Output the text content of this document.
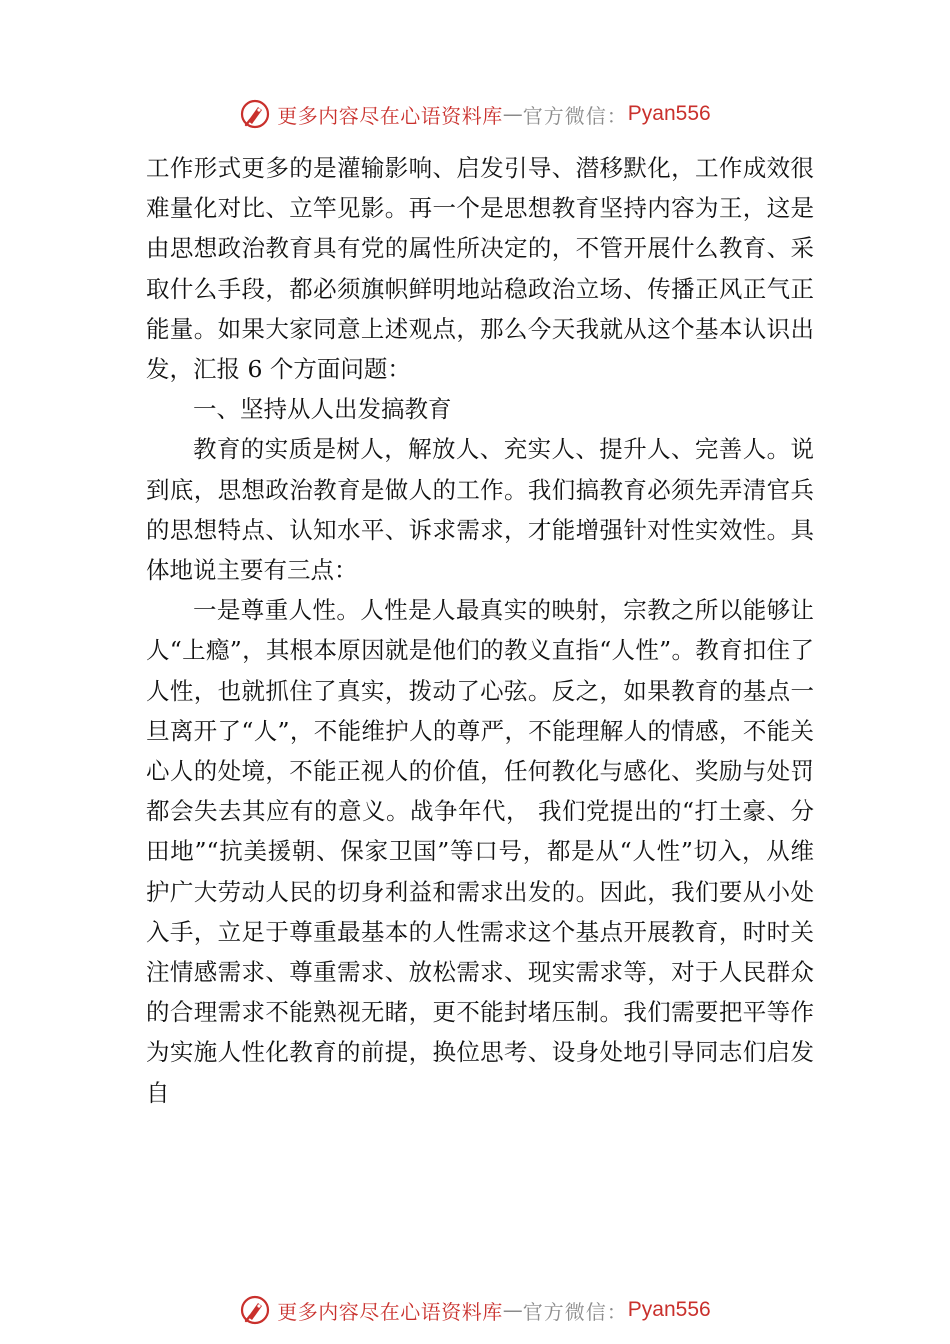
更多内容尽在心语资料库 — 官方微信： Pyan556

工作形式更多的是灌输影响、启发引导、潜移默化，工作成效很难量化对比、立竿见影。再一个是思想教育坚持内容为王，这是由思想政治教育具有党的属性所决定的，不管开展什么教育、采取什么手段，都必须旗帜鲜明地站稳政治立场、传播正风正气正能量。如果大家同意上述观点，那么今天我就从这个基本认识出发，汇报 6 个方面问题：

一、坚持从人出发搞教育

教育的实质是树人，解放人、充实人、提升人、完善人。说到底，思想政治教育是做人的工作。我们搞教育必须先弄清官兵的思想特点、认知水平、诉求需求，才能增强针对性实效性。具体地说主要有三点：

一是尊重人性。人性是人最真实的映射，宗教之所以能够让人“上瘾”，其根本原因就是他们的教义直指“人性”。教育扣住了人性，也就抓住了真实，拨动了心弦。反之，如果教育的基点一旦离开了“人”，不能维护人的尊严，不能理解人的情感，不能关心人的处境，不能正视人的价值，任何教化与感化、奖励与处罚都会失去其应有的意义。战争年代， 我们党提出的“打土豪、分田地”“抗美援朝、保家卫国”等口号，都是从“人性”切入，从维护广大劳动人民的切身利益和需求出发的。因此，我们要从小处入手，立足于尊重最基本的人性需求这个基点开展教育，时时关注情感需求、尊重需求、放松需求、现实需求等，对于人民群众的合理需求不能熟视无睹，更不能封堵压制。我们需要把平等作为实施人性化教育的前提，换位思考、设身处地引导同志们启发自

更多内容尽在心语资料库 — 官方微信： Pyan556
